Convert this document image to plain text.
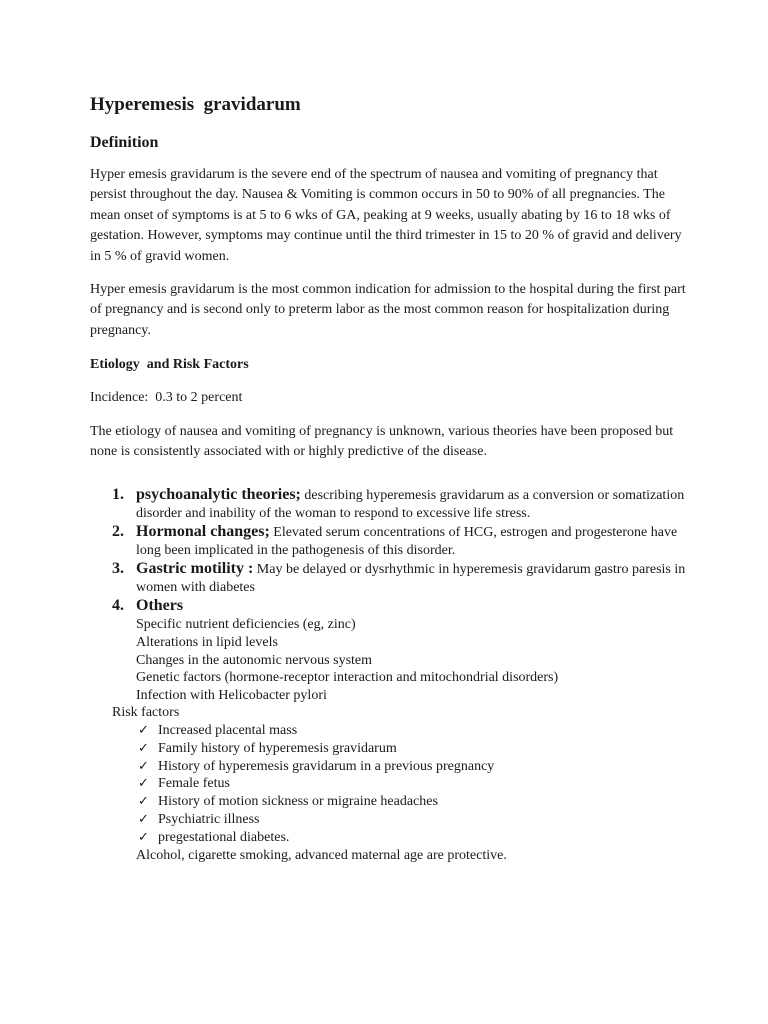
Hyperemesis  gravidarum
Definition

Hyper emesis gravidarum is the severe end of the spectrum of nausea and vomiting of pregnancy that persist throughout the day. Nausea & Vomiting is common occurs in 50 to 90% of all pregnancies. The mean onset of symptoms is at 5 to 6 wks of GA, peaking at 9 weeks, usually abating by 16 to 18 wks of gestation. However, symptoms may continue until the third trimester in 15 to 20 % of gravid and delivery in 5 % of gravid women.

Hyper emesis gravidarum is the most common indication for admission to the hospital during the first part of pregnancy and is second only to preterm labor as the most common reason for hospitalization during pregnancy.

Etiology  and Risk Factors

Incidence:  0.3 to 2 percent

The etiology of nausea and vomiting of pregnancy is unknown, various theories have been proposed but none is consistently associated with or highly predictive of the disease.

1. psychoanalytic theories; describing hyperemesis gravidarum as a conversion or somatization disorder and inability of the woman to respond to excessive life stress.
2. Hormonal changes; Elevated serum concentrations of HCG, estrogen and progesterone have long been implicated in the pathogenesis of this disorder.
3. Gastric motility : May be delayed or dysrhythmic in hyperemesis gravidarum gastro paresis in women with diabetes
4. Others
Specific nutrient deficiencies (eg, zinc)
Alterations in lipid levels
Changes in the autonomic nervous system
Genetic factors (hormone-receptor interaction and mitochondrial disorders)
Infection with Helicobacter pylori

Risk factors

✓ Increased placental mass
✓ Family history of hyperemesis gravidarum
✓ History of hyperemesis gravidarum in a previous pregnancy
✓ Female fetus
✓ History of motion sickness or migraine headaches
✓ Psychiatric illness
✓ pregestational diabetes.

Alcohol, cigarette smoking, advanced maternal age are protective.
